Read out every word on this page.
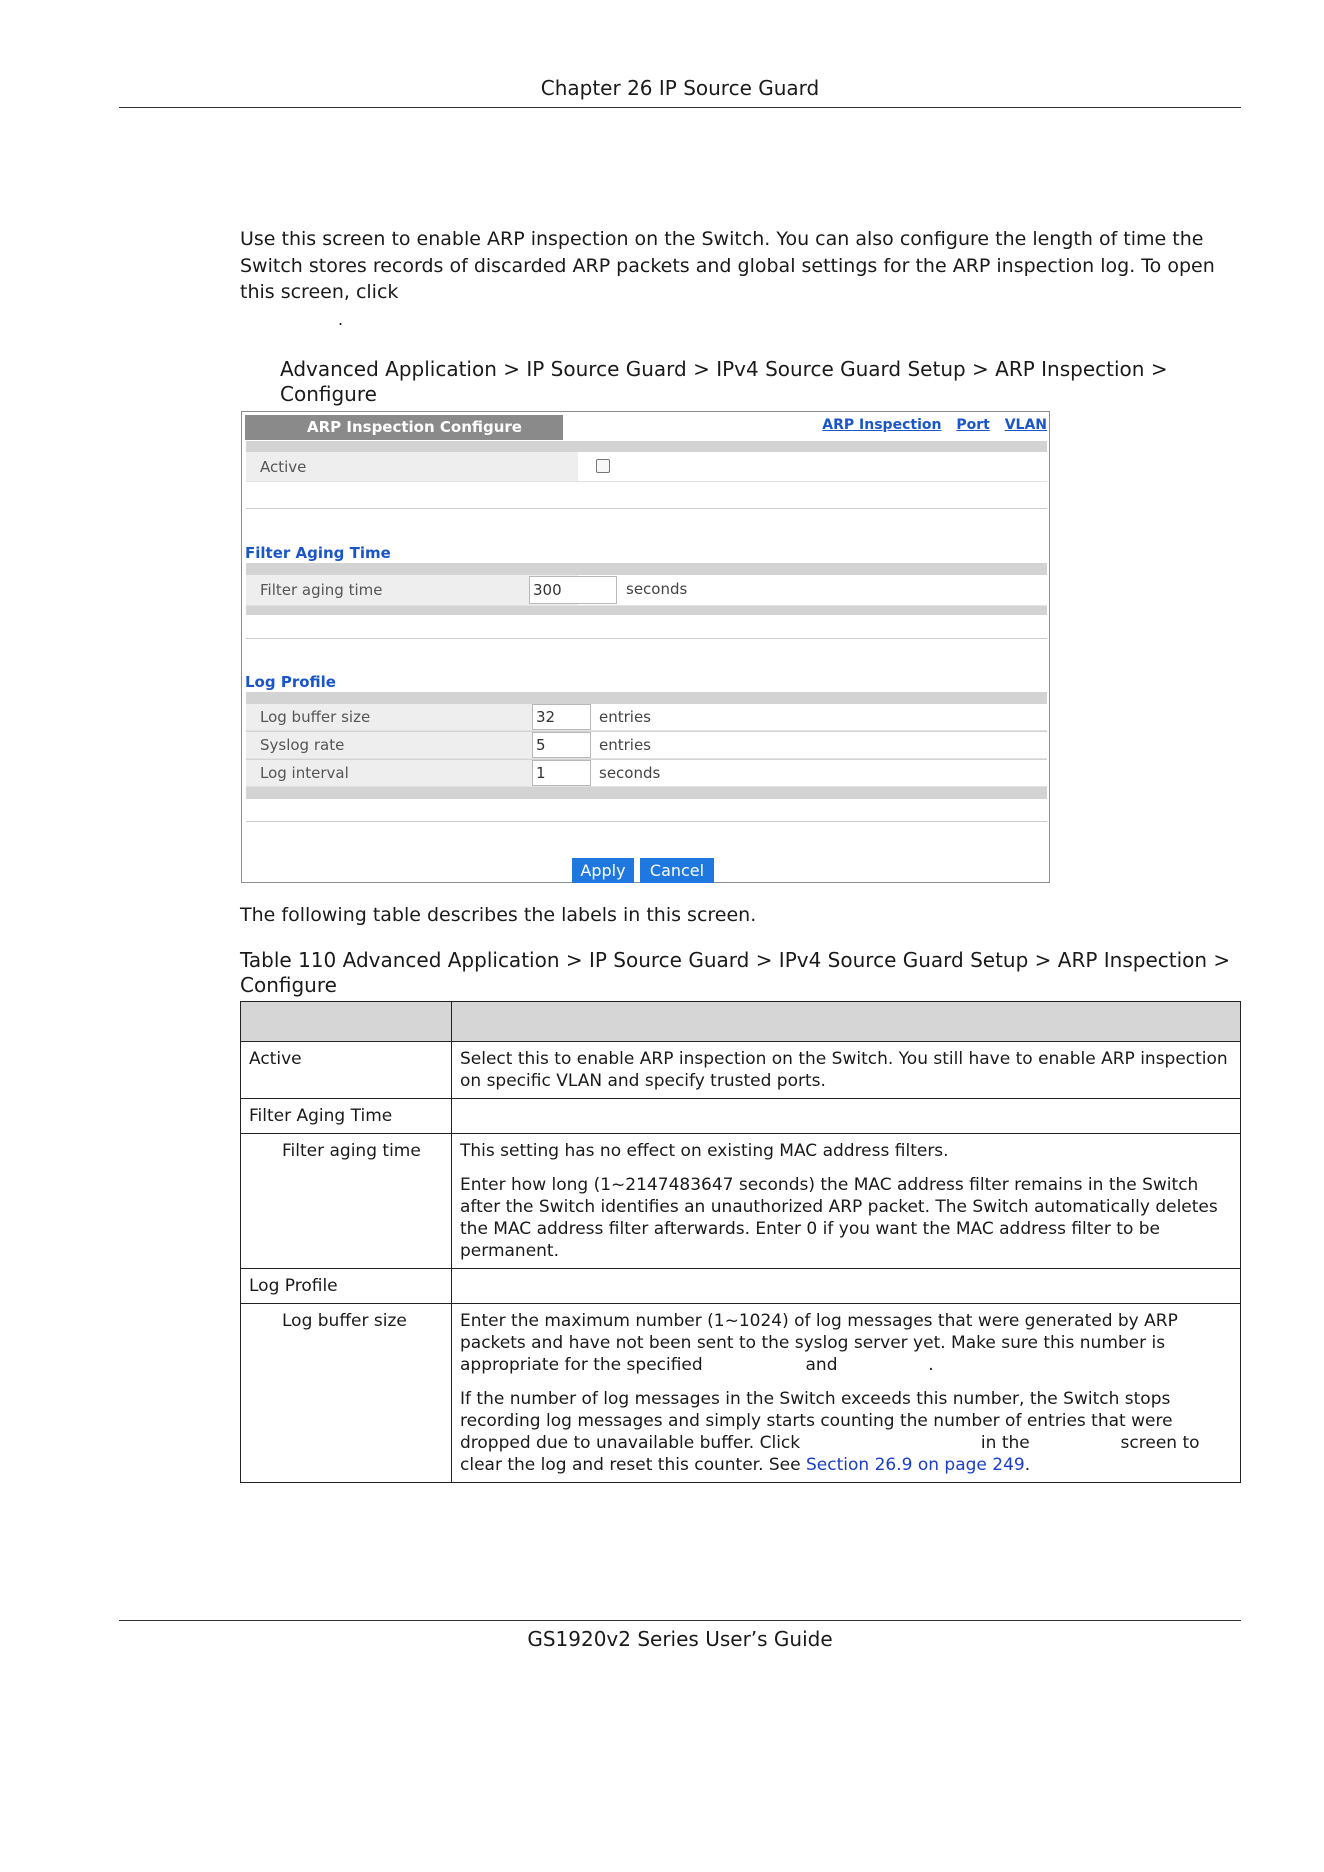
Chapter 26 IP Source Guard
Use this screen to enable ARP inspection on the Switch. You can also configure the length of time the Switch stores records of discarded ARP packets and global settings for the ARP inspection log. To open this screen, click
.
Advanced Application > IP Source Guard > IPv4 Source Guard Setup > ARP Inspection > Configure
ARP Inspection Configure	ARP Inspection Port VLAN
Active
Filter Aging Time
Filter aging time	300	seconds
Log Profile
Log buffer size	32	entries
Syslog rate	5	entries
Log interval	1	seconds
Apply	Cancel
The following table describes the labels in this screen.
Table 110 Advanced Application > IP Source Guard > IPv4 Source Guard Setup > ARP Inspection > Configure

Active	Select this to enable ARP inspection on the Switch. You still have to enable ARP inspection on specific VLAN and specify trusted ports.
Filter Aging Time	
Filter aging time	This setting has no effect on existing MAC address filters.
Enter how long (1~2147483647 seconds) the MAC address filter remains in the Switch after the Switch identifies an unauthorized ARP packet. The Switch automatically deletes the MAC address filter afterwards. Enter 0 if you want the MAC address filter to be permanent.

Log Profile	
Log buffer size	Enter the maximum number (1~1024) of log messages that were generated by ARP packets and have not been sent to the syslog server yet. Make sure this number is appropriate for the specified and .
If the number of log messages in the Switch exceeds this number, the Switch stops recording log messages and simply starts counting the number of entries that were dropped due to unavailable buffer. Click in the screen to clear the log and reset this counter. See Section 26.9 on page 249.
GS1920v2 Series User’s Guide
